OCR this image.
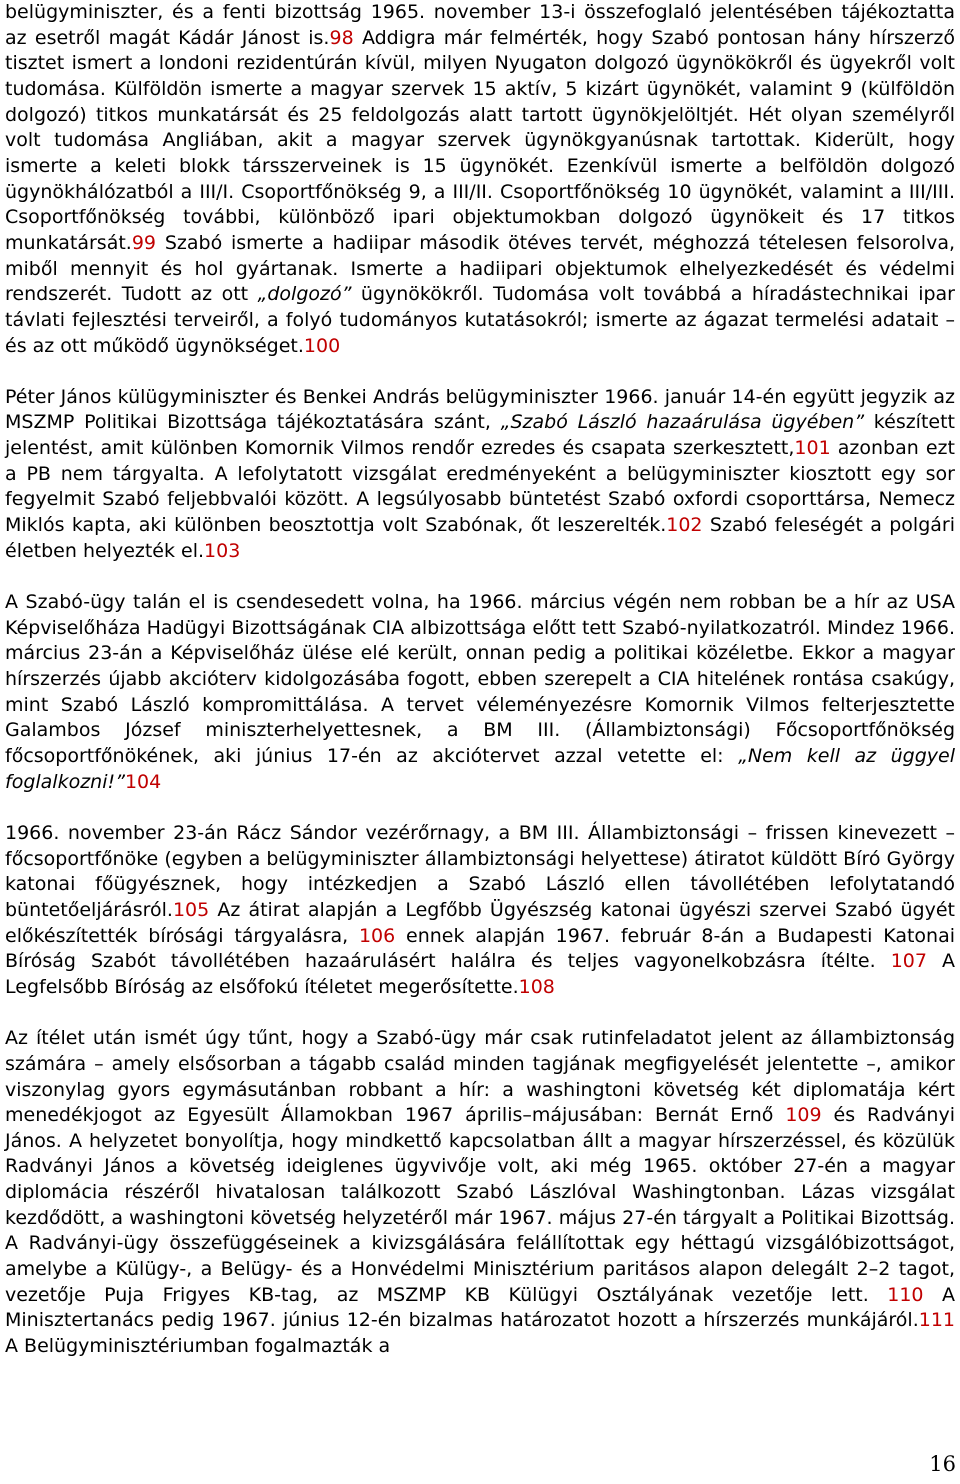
belügyminiszter, és a fenti bizottság 1965. november 13-i összefoglaló jelentésében tájékoztatta az esetről magát Kádár Jánost is.98 Addigra már felmérték, hogy Szabó pontosan hány hírszerző tisztet ismert a londoni rezidentúrán kívül, milyen Nyugaton dolgozó ügynökökről és ügyekről volt tudomása. Külföldön ismerte a magyar szervek 15 aktív, 5 kizárt ügynökét, valamint 9 (külföldön dolgozó) titkos munkatársát és 25 feldolgozás alatt tartott ügynökjelöltjét. Hét olyan személyről volt tudomása Angliában, akit a magyar szervek ügynökgyanúsnak tartottak. Kiderült, hogy ismerte a keleti blokk társszerveinek is 15 ügynökét. Ezenkívül ismerte a belföldön dolgozó ügynökhálózatból a III/I. Csoportfőnökség 9, a III/II. Csoportfőnökség 10 ügynökét, valamint a III/III. Csoportfőnökség további, különböző ipari objektumokban dolgozó ügynökeit és 17 titkos munkatársát.99 Szabó ismerte a hadiipar második ötéves tervét, méghozzá tételesen felsorolva, miből mennyit és hol gyártanak. Ismerte a hadiipari objektumok elhelyezkedését és védelmi rendszerét. Tudott az ott „dolgozó” ügynökökről. Tudomása volt továbbá a híradástechnikai ipar távlati fejlesztési terveiről, a folyó tudományos kutatásokról; ismerte az ágazat termelési adatait – és az ott működő ügynökséget.100

Péter János külügyminiszter és Benkei András belügyminiszter 1966. január 14-én együtt jegyzik az MSZMP Politikai Bizottsága tájékoztatására szánt, „Szabó László hazaárulása ügyében” készített jelentést, amit különben Komornik Vilmos rendőr ezredes és csapata szerkesztett,101 azonban ezt a PB nem tárgyalta. A lefolytatott vizsgálat eredményeként a belügyminiszter kiosztott egy sor fegyelmit Szabó feljebbvalói között. A legsúlyosabb büntetést Szabó oxfordi csoporttársa, Nemecz Miklós kapta, aki különben beosztottja volt Szabónak, őt leszerelték.102 Szabó feleségét a polgári életben helyezték el.103

A Szabó-ügy talán el is csendesedett volna, ha 1966. március végén nem robban be a hír az USA Képviselőháza Hadügyi Bizottságának CIA albizottsága előtt tett Szabó-nyilatkozatról. Mindez 1966. március 23-án a Képviselőház ülése elé került, onnan pedig a politikai közéletbe. Ekkor a magyar hírszerzés újabb akcióterv kidolgozásába fogott, ebben szerepelt a CIA hitelének rontása csakúgy, mint Szabó László kompromittálása. A tervet véleményezésre Komornik Vilmos felterjesztette Galambos József miniszterhelyettesnek, a BM III. (Állambiztonsági) Főcsoportfőnökség főcsoportfőnökének, aki június 17-én az akciótervet azzal vetette el: „Nem kell az üggyel foglalkozni!”104

1966. november 23-án Rácz Sándor vezérőrnagy, a BM III. Állambiztonsági – frissen kinevezett – főcsoportfőnöke (egyben a belügyminiszter állambiztonsági helyettese) átiratot küldött Bíró György katonai főügyésznek, hogy intézkedjen a Szabó László ellen távollétében lefolytatandó büntetőeljárásról.105 Az átirat alapján a Legfőbb Ügyészség katonai ügyészi szervei Szabó ügyét előkészítették bírósági tárgyalásra, 106 ennek alapján 1967. február 8-án a Budapesti Katonai Bíróság Szabót távollétében hazaárulásért halálra és teljes vagyonelkobzásra ítélte. 107 A Legfelsőbb Bíróság az elsőfokú ítéletet megerősítette.108

Az ítélet után ismét úgy tűnt, hogy a Szabó-ügy már csak rutinfeladatot jelent az állambiztonság számára – amely elsősorban a tágabb család minden tagjának megfigyelését jelentette –, amikor viszonylag gyors egymásutánban robbant a hír: a washingtoni követség két diplomatája kért menedékjogot az Egyesült Államokban 1967 április–májusában: Bernát Ernő 109 és Radványi János. A helyzetet bonyolítja, hogy mindkettő kapcsolatban állt a magyar hírszerzéssel, és közülük Radványi János a követség ideiglenes ügyvivője volt, aki még 1965. október 27-én a magyar diplomácia részéről hivatalosan találkozott Szabó Lászlóval Washingtonban. Lázas vizsgálat kezdődött, a washingtoni követség helyzetéről már 1967. május 27-én tárgyalt a Politikai Bizottság. A Radványi-ügy összefüggéseinek a kivizsgálására felállítottak egy héttagú vizsgálóbizottságot, amelybe a Külügy-, a Belügy- és a Honvédelmi Minisztérium paritásos alapon delegált 2–2 tagot, vezetője Puja Frigyes KB-tag, az MSZMP KB Külügyi Osztályának vezetője lett. 110 A Minisztertanács pedig 1967. június 12-én bizalmas határozatot hozott a hírszerzés munkájáról.111 A Belügyminisztériumban fogalmazták a

16
